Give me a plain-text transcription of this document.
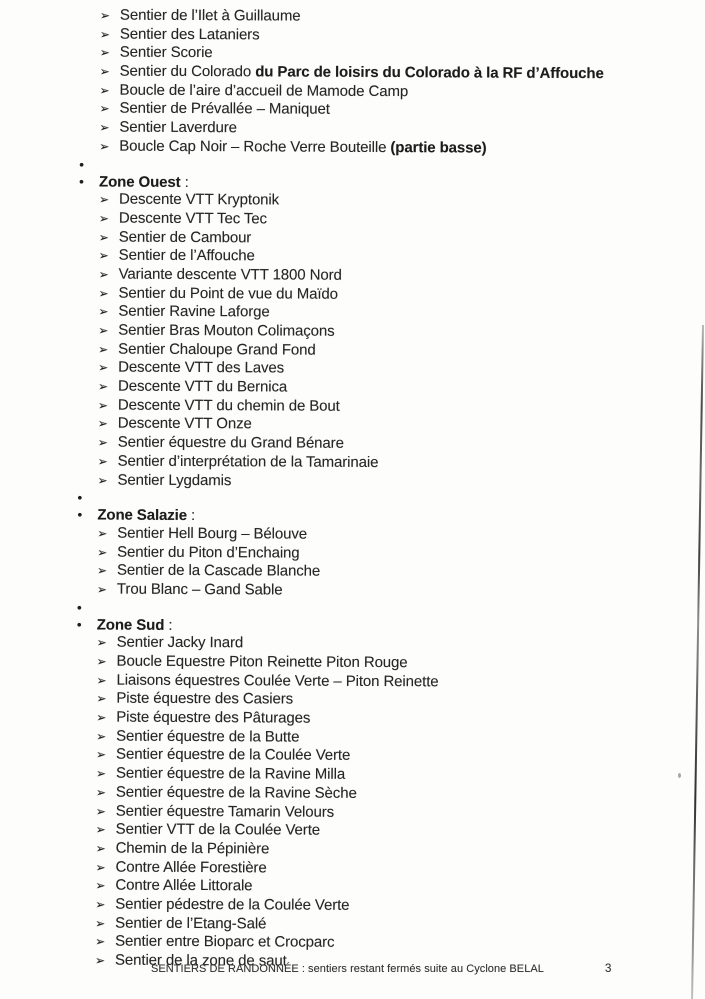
➢ Sentier de l’Ilet à Guillaume
➢ Sentier des Lataniers
➢ Sentier Scorie
➢ Sentier du Colorado du Parc de loisirs du Colorado à la RF d’Affouche
➢ Boucle de l’aire d’accueil de Mamode Camp
➢ Sentier de Prévallée – Maniquet
➢ Sentier Laverdure
➢ Boucle Cap Noir – Roche Verre Bouteille (partie basse)
•
•	Zone Ouest :
➢ Descente VTT Kryptonik
➢ Descente VTT Tec Tec
➢ Sentier de Cambour
➢ Sentier de l’Affouche
➢ Variante descente VTT 1800 Nord
➢ Sentier du Point de vue du Maïdo
➢ Sentier Ravine Laforge
➢ Sentier Bras Mouton Colimaçons
➢ Sentier Chaloupe Grand Fond
➢ Descente VTT des Laves
➢ Descente VTT du Bernica
➢ Descente VTT du chemin de Bout
➢ Descente VTT Onze
➢ Sentier équestre du Grand Bénare
➢ Sentier d’interprétation de la Tamarinaie
➢ Sentier Lygdamis
•
•	Zone Salazie :
➢ Sentier Hell Bourg – Bélouve
➢ Sentier du Piton d’Enchaing
➢ Sentier de la Cascade Blanche
➢ Trou Blanc – Gand Sable
•
•	Zone Sud :
➢ Sentier Jacky Inard
➢ Boucle Equestre Piton Reinette Piton Rouge
➢ Liaisons équestres Coulée Verte – Piton Reinette
➢ Piste équestre des Casiers
➢ Piste équestre des Pâturages
➢ Sentier équestre de la Butte
➢ Sentier équestre de la Coulée Verte
➢ Sentier équestre de la Ravine Milla
➢ Sentier équestre de la Ravine Sèche
➢ Sentier équestre Tamarin Velours
➢ Sentier VTT de la Coulée Verte
➢ Chemin de la Pépinière
➢ Contre Allée Forestière
➢ Contre Allée Littorale
➢ Sentier pédestre de la Coulée Verte
➢ Sentier de l’Etang-Salé
➢ Sentier entre Bioparc et Crocparc
➢ Sentier de la zone de saut
SENTIERS DE RANDONNÉE : sentiers restant fermés suite au Cyclone BELAL	3
